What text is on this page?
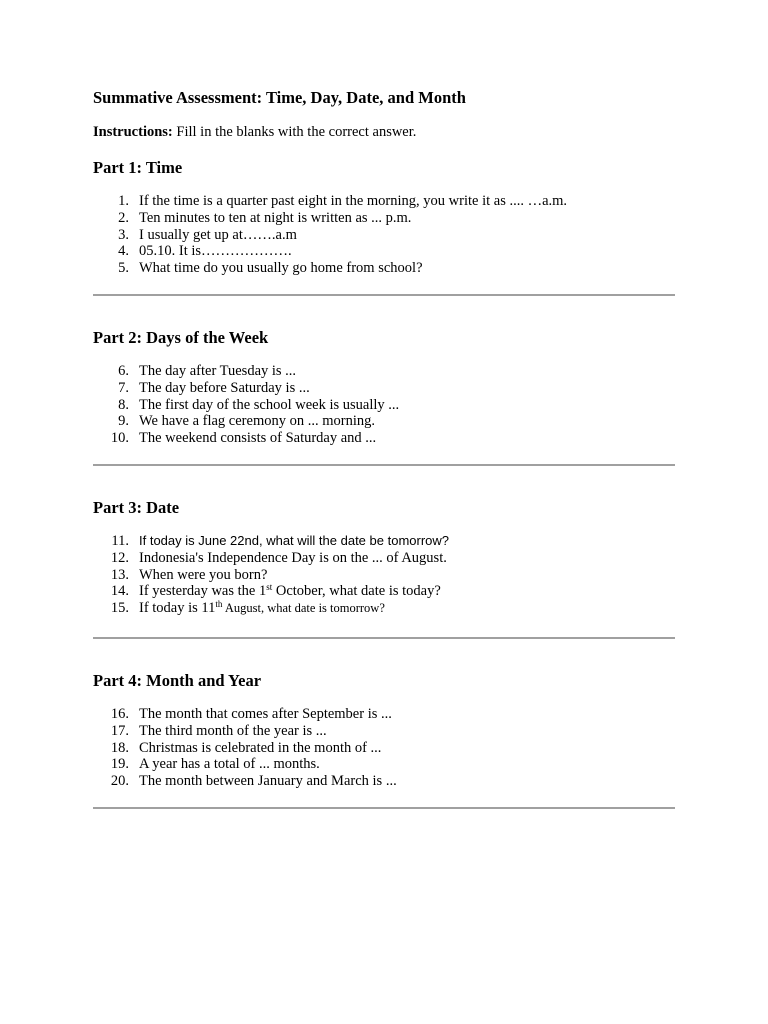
Summative Assessment: Time, Day, Date, and Month
Instructions: Fill in the blanks with the correct answer.
Part 1: Time
1. If the time is a quarter past eight in the morning, you write it as .... …a.m.
2. Ten minutes to ten at night is written as ... p.m.
3. I usually get up at…….a.m
4. 05.10. It is……………….
5. What time do you usually go home from school?
Part 2: Days of the Week
6. The day after Tuesday is ...
7. The day before Saturday is ...
8. The first day of the school week is usually ...
9. We have a flag ceremony on ... morning.
10. The weekend consists of Saturday and ...
Part 3: Date
11. If today is June 22nd, what will the date be tomorrow?
12. Indonesia's Independence Day is on the ... of August.
13. When were you born?
14. If yesterday was the 1st October, what date is today?
15. If today is 11th August, what date is tomorrow?
Part 4: Month and Year
16. The month that comes after September is ...
17. The third month of the year is ...
18. Christmas is celebrated in the month of ...
19. A year has a total of ... months.
20. The month between January and March is ...
